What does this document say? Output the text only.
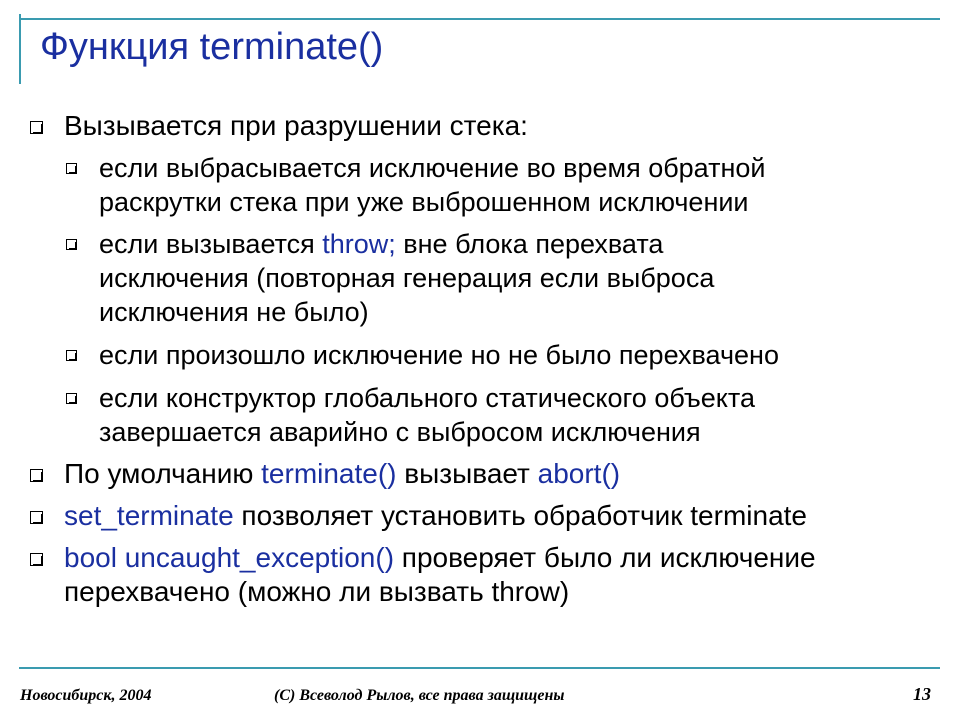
Функция terminate()
Вызывается при разрушении стека:
если выбрасывается исключение во время обратной
раскрутки стека при уже выброшенном исключении
если вызывается throw; вне блока перехвата
исключения (повторная генерация если выброса
исключения не было)
если произошло исключение но не было перехвачено
если конструктор глобального статического объекта
завершается аварийно с выбросом исключения
По умолчанию terminate() вызывает abort()
set_terminate позволяет установить обработчик terminate
bool uncaught_exception() проверяет было ли исключение
перехвачено (можно ли вызвать throw)
Новосибирск, 2004	(С) Всеволод Рылов, все права защищены	13
